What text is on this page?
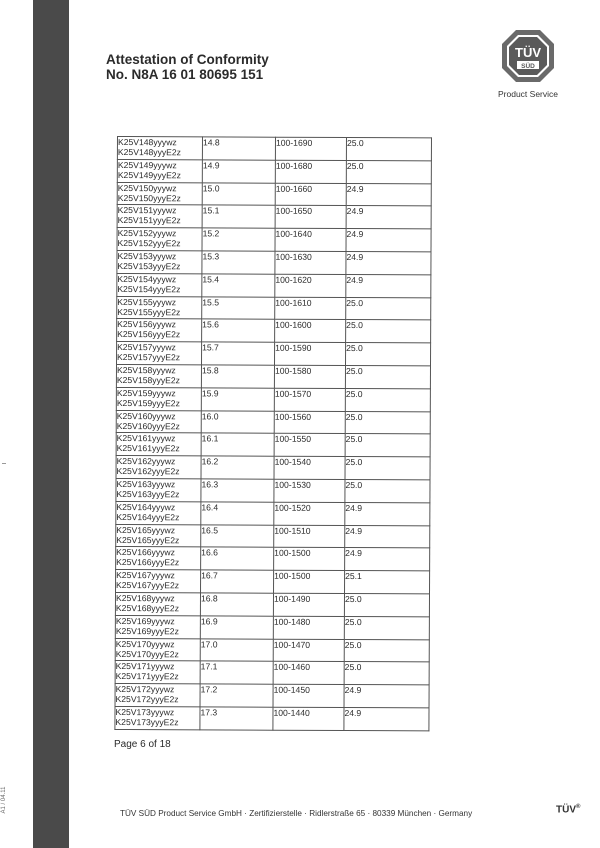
ZERTIFIKAT ◆ CERTIFICATE ◆ 認証証書 ◆ СЕРТИФИКАТ ◆ CERTIFICADO ◆ CERTIFICAT
A1 / 04.11
Attestation of Conformity
No. N8A 16 01 80695 151
TÜV
SÜD
Product Service
K25V148yyywz
K25V148yyyE2z	14.8	100-1690	25.0

K25V149yyywz
K25V149yyyE2z	14.9	100-1680	25.0

K25V150yyywz
K25V150yyyE2z	15.0	100-1660	24.9

K25V151yyywz
K25V151yyyE2z	15.1	100-1650	24.9

K25V152yyywz
K25V152yyyE2z	15.2	100-1640	24.9

K25V153yyywz
K25V153yyyE2z	15.3	100-1630	24.9

K25V154yyywz
K25V154yyyE2z	15.4	100-1620	24.9

K25V155yyywz
K25V155yyyE2z	15.5	100-1610	25.0

K25V156yyywz
K25V156yyyE2z	15.6	100-1600	25.0

K25V157yyywz
K25V157yyyE2z	15.7	100-1590	25.0

K25V158yyywz
K25V158yyyE2z	15.8	100-1580	25.0

K25V159yyywz
K25V159yyyE2z	15.9	100-1570	25.0

K25V160yyywz
K25V160yyyE2z	16.0	100-1560	25.0

K25V161yyywz
K25V161yyyE2z	16.1	100-1550	25.0

K25V162yyywz
K25V162yyyE2z	16.2	100-1540	25.0

K25V163yyywz
K25V163yyyE2z	16.3	100-1530	25.0

K25V164yyywz
K25V164yyyE2z	16.4	100-1520	24.9

K25V165yyywz
K25V165yyyE2z	16.5	100-1510	24.9

K25V166yyywz
K25V166yyyE2z	16.6	100-1500	24.9

K25V167yyywz
K25V167yyyE2z	16.7	100-1500	25.1

K25V168yyywz
K25V168yyyE2z	16.8	100-1490	25.0

K25V169yyywz
K25V169yyyE2z	16.9	100-1480	25.0

K25V170yyywz
K25V170yyyE2z	17.0	100-1470	25.0

K25V171yyywz
K25V171yyyE2z	17.1	100-1460	25.0

K25V172yyywz
K25V172yyyE2z	17.2	100-1450	24.9

K25V173yyywz
K25V173yyyE2z	17.3	100-1440	24.9
Page 6 of 18
TÜV SÜD Product Service GmbH · Zertifizierstelle · Ridlerstraße 65 · 80339 München · Germany	TÜV®
